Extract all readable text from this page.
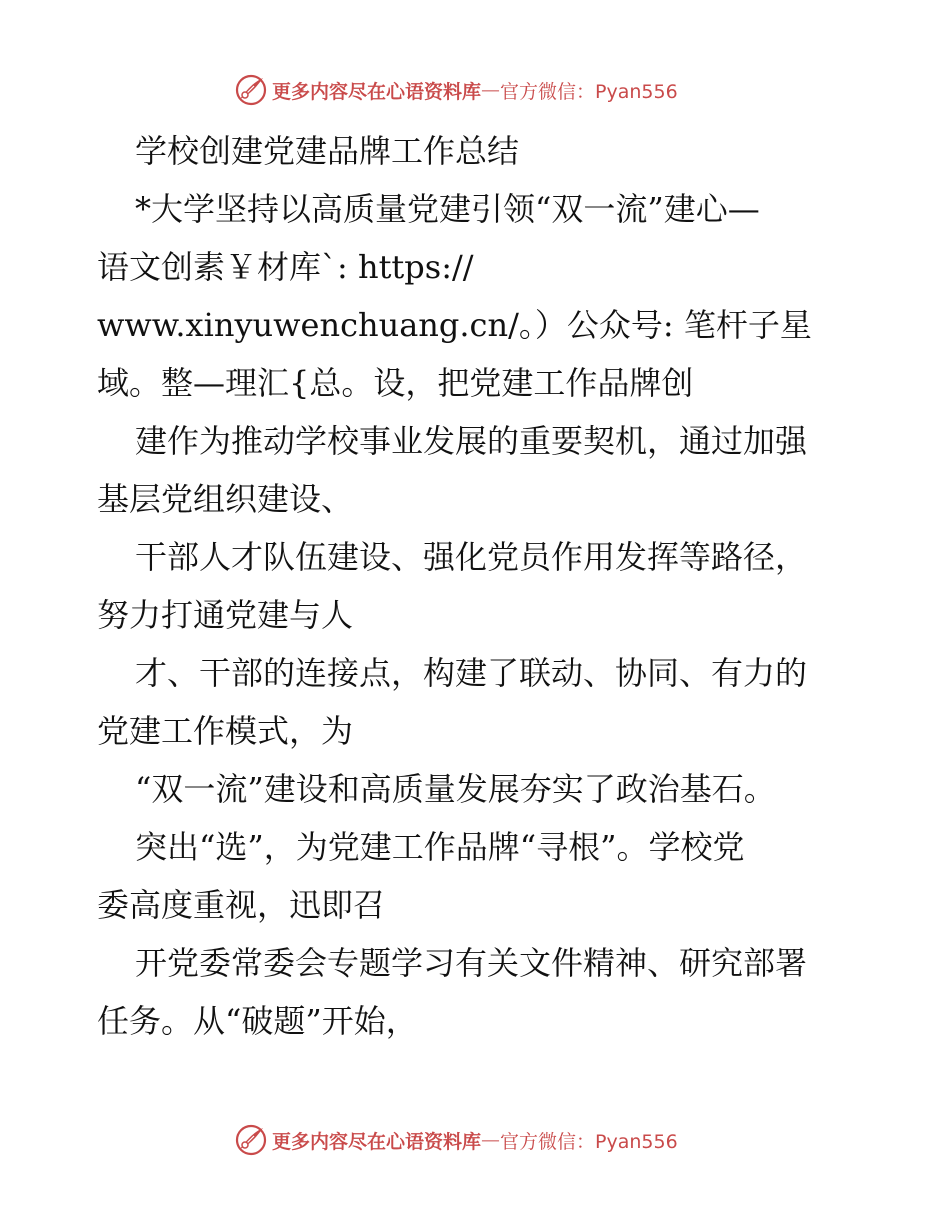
更多内容尽在心语资料库 — 官方微信：Pyan556
学校创建党建品牌工作总结
*大学坚持以高质量党建引领“双一流”建心—
语文创素￥材库`: https://
www.xinyuwenchuang.cn/。）公众号: 笔杆子星
域。整—理汇{总。设，把党建工作品牌创
建作为推动学校事业发展的重要契机，通过加强
基层党组织建设、
干部人才队伍建设、强化党员作用发挥等路径，
努力打通党建与人
才、干部的连接点，构建了联动、协同、有力的
党建工作模式，为
“双一流”建设和高质量发展夯实了政治基石。
突出“选”，为党建工作品牌“寻根”。学校党
委高度重视，迅即召
开党委常委会专题学习有关文件精神、研究部署
任务。从“破题”开始，
更多内容尽在心语资料库 — 官方微信：Pyan556
